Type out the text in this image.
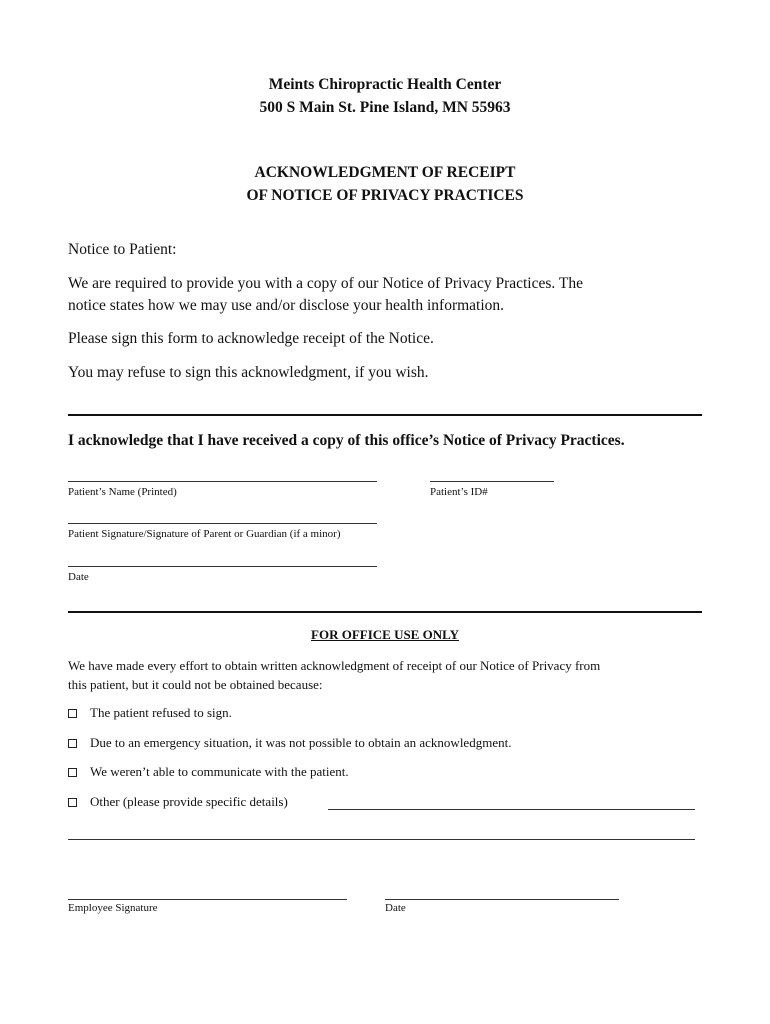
Meints Chiropractic Health Center
500 S Main St. Pine Island, MN 55963
ACKNOWLEDGMENT OF RECEIPT
OF NOTICE OF PRIVACY PRACTICES
Notice to Patient:
We are required to provide you with a copy of our Notice of Privacy Practices. The
notice states how we may use and/or disclose your health information.
Please sign this form to acknowledge receipt of the Notice.
You may refuse to sign this acknowledgment, if you wish.
I acknowledge that I have received a copy of this office’s Notice of Privacy Practices.
Patient’s Name (Printed)	Patient’s ID#
Patient Signature/Signature of Parent or Guardian (if a minor)
Date
FOR OFFICE USE ONLY
We have made every effort to obtain written acknowledgment of receipt of our Notice of Privacy from
this patient, but it could not be obtained because:
The patient refused to sign.
Due to an emergency situation, it was not possible to obtain an acknowledgment.
We weren’t able to communicate with the patient.
Other (please provide specific details)
Employee Signature	Date
